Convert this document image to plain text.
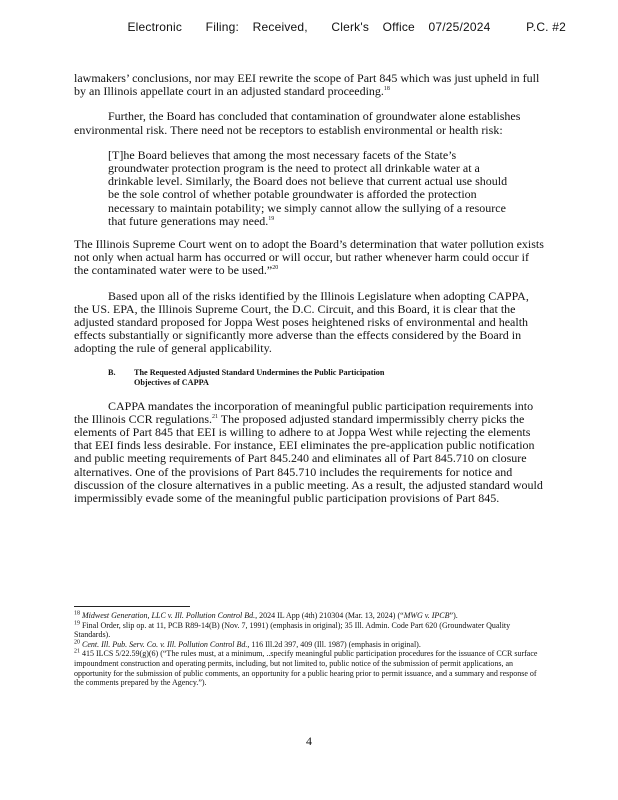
Electronic Filing: Received, Clerk's Office 07/25/2024	P.C. #2

lawmakers’ conclusions, nor may EEI rewrite the scope of Part 845 which was just upheld in full by an Illinois appellate court in an adjusted standard proceeding.$^{18}$

Further, the Board has concluded that contamination of groundwater alone establishes environmental risk. There need not be receptors to establish environmental or health risk:

[T]he Board believes that among the most necessary facets of the State’s groundwater protection program is the need to protect all drinkable water at a drinkable level. Similarly, the Board does not believe that current actual use should be the sole control of whether potable groundwater is afforded the protection necessary to maintain potability; we simply cannot allow the sullying of a resource that future generations may need.$^{19}$

The Illinois Supreme Court went on to adopt the Board’s determination that water pollution exists not only when actual harm has occurred or will occur, but rather whenever harm could occur if the contaminated water were to be used.”$^{20}$

Based upon all of the risks identified by the Illinois Legislature when adopting CAPPA, the US. EPA, the Illinois Supreme Court, the D.C. Circuit, and this Board, it is clear that the adjusted standard proposed for Joppa West poses heightened risks of environmental and health effects substantially or significantly more adverse than the effects considered by the Board in adopting the rule of general applicability.

B. The Requested Adjusted Standard Undermines the Public Participation
Objectives of CAPPA

CAPPA mandates the incorporation of meaningful public participation requirements into the Illinois CCR regulations.$^{21}$ The proposed adjusted standard impermissibly cherry picks the elements of Part 845 that EEI is willing to adhere to at Joppa West while rejecting the elements that EEI finds less desirable. For instance, EEI eliminates the pre-application public notification and public meeting requirements of Part 845.240 and eliminates all of Part 845.710 on closure alternatives. One of the provisions of Part 845.710 includes the requirements for notice and discussion of the closure alternatives in a public meeting. As a result, the adjusted standard would impermissibly evade some of the meaningful public participation provisions of Part 845.

$^{18}$ Midwest Generation, LLC v. Ill. Pollution Control Bd., 2024 IL App (4th) 210304 (Mar. 13, 2024) (“MWG v. IPCB”).
$^{19}$ Final Order, slip op. at 11, PCB R89-14(B) (Nov. 7, 1991) (emphasis in original); 35 Ill. Admin. Code Part 620 (Groundwater Quality Standards).
$^{20}$ Cent. Ill. Pub. Serv. Co. v. Ill. Pollution Control Bd., 116 Ill.2d 397, 409 (Ill. 1987) (emphasis in original).
$^{21}$ 415 ILCS 5/22.59(g)(6) (“The rules must, at a minimum, ..specify meaningful public participation procedures for the issuance of CCR surface impoundment construction and operating permits, including, but not limited to, public notice of the submission of permit applications, an opportunity for the submission of public comments, an opportunity for a public hearing prior to permit issuance, and a summary and response of the comments prepared by the Agency.”).
4
